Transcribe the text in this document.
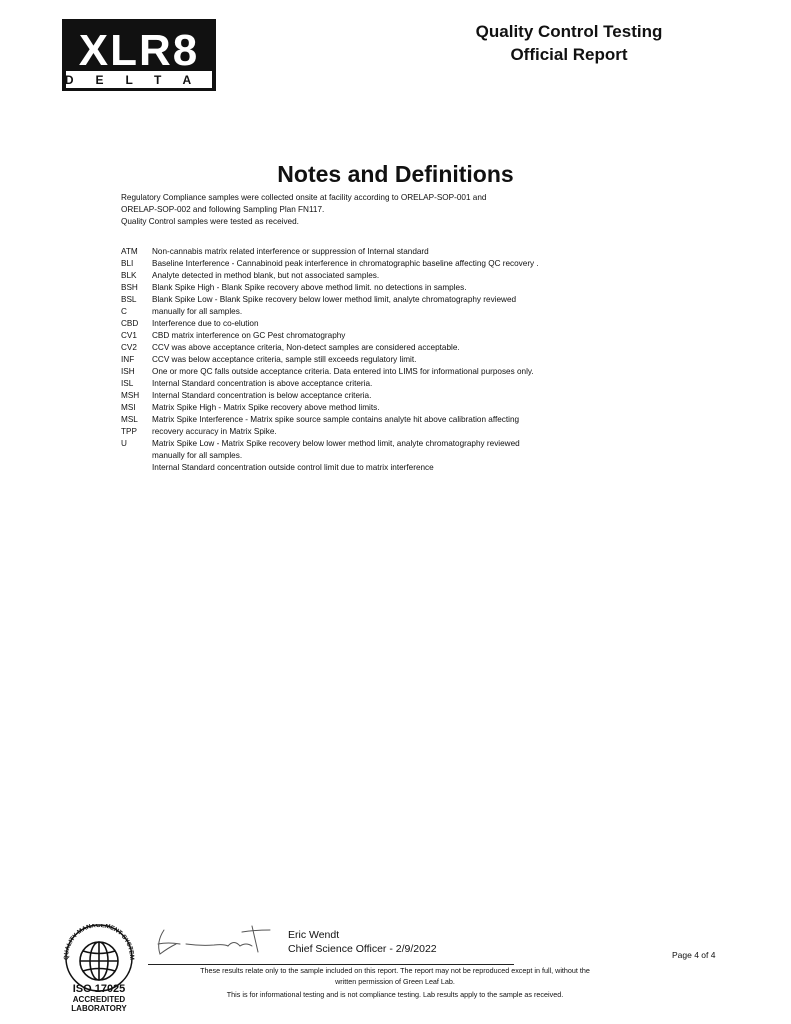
XLR8
DELTA
Quality Control Testing
Official Report
Notes and Definitions
Regulatory Compliance samples were collected onsite at facility according to ORELAP-SOP-001 and
ORELAP-SOP-002 and following Sampling Plan FN117.
Quality Control samples were tested as received.
ATM
BLI
BLK
BSH
BSL
C
CBD
CV1
CV2
INF
ISH
ISL
MSH
MSI
MSL
TPP
U
Non-cannabis matrix related interference or suppression of Internal standard
Baseline Interference - Cannabinoid peak interference in chromatographic baseline affecting QC recovery .
Analyte detected in method blank, but not associated samples.
Blank Spike High - Blank Spike recovery above method limit. no detections in samples.
Blank Spike Low - Blank Spike recovery below lower method limit, analyte chromatography reviewed
manually for all samples.
Interference due to co-elution
CBD matrix interference on GC Pest chromatography
CCV was above acceptance criteria, Non-detect samples are considered acceptable.
CCV was below acceptance criteria, sample still exceeds regulatory limit.
One or more QC falls outside acceptance criteria. Data entered into LIMS for informational purposes only.
Internal Standard concentration is above acceptance criteria.
Internal Standard concentration is below acceptance criteria.
Matrix Spike High - Matrix Spike recovery above method limits.
Matrix Spike Interference - Matrix spike source sample contains analyte hit above calibration affecting
recovery accuracy in Matrix Spike.
Matrix Spike Low - Matrix Spike recovery below lower method limit, analyte chromatography reviewed
manually for all samples.
Internal Standard concentration outside control limit due to matrix interference
QUALITY MANAGEMENT SYSTEM
ISO 17025
ACCREDITED
LABORATORY
Eric Wendt
Chief Science Officer - 2/9/2022	Page 4 of 4
These results relate only to the sample included on this report. The report may not be reproduced except in full, without the
written permission of Green Leaf Lab.
This is for informational testing and is not compliance testing. Lab results apply to the sample as received.
